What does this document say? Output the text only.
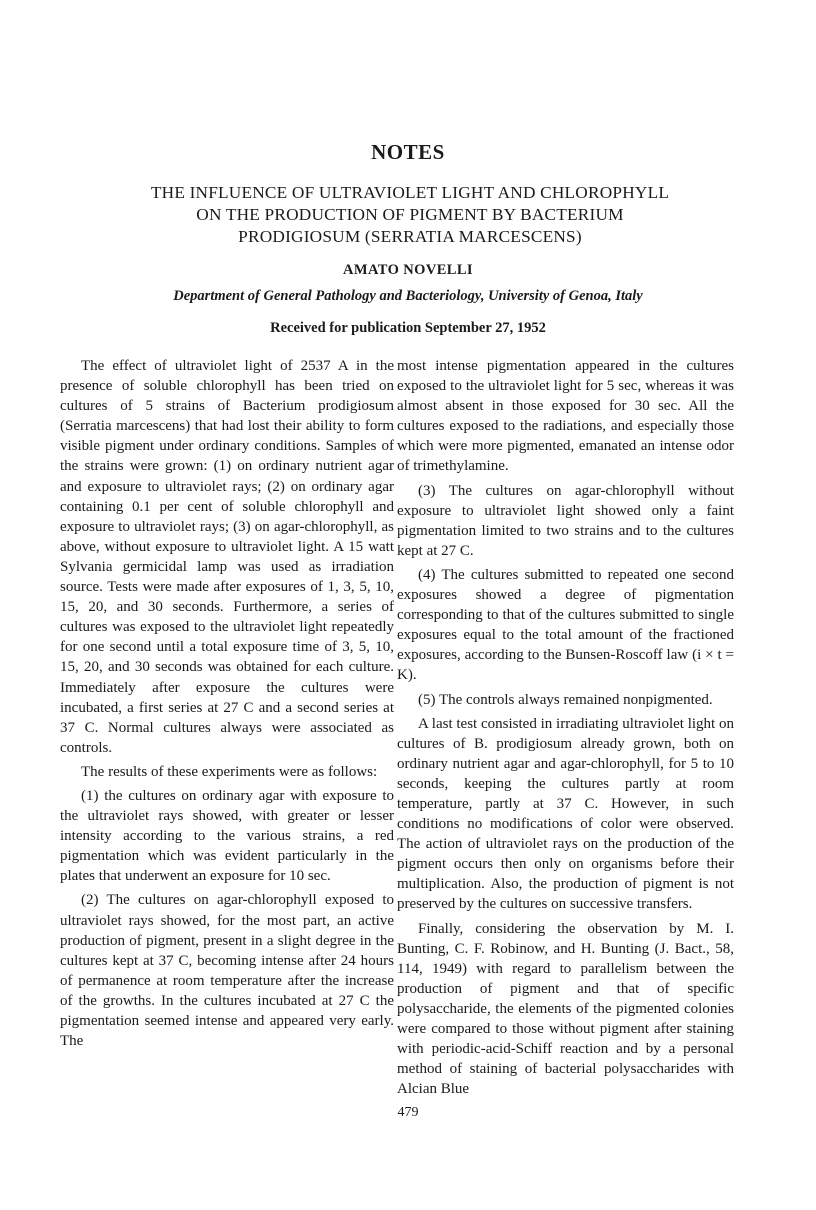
NOTES
THE INFLUENCE OF ULTRAVIOLET LIGHT AND CHLOROPHYLL
ON THE PRODUCTION OF PIGMENT BY BACTERIUM
PRODIGIOSUM (SERRATIA MARCESCENS)
AMATO NOVELLI
Department of General Pathology and Bacteriology, University of Genoa, Italy
Received for publication September 27, 1952

The effect of ultraviolet light of 2537 A in the presence of soluble chlorophyll has been tried on cultures of 5 strains of Bacterium prodigiosum (Serratia marcescens) that had lost their ability to form visible pigment under ordinary conditions. Samples of the strains were grown: (1) on ordinary nutrient agar and exposure to ultraviolet rays; (2) on ordinary agar containing 0.1 per cent of soluble chlorophyll and exposure to ultraviolet rays; (3) on agar-chlorophyll, as above, without exposure to ultraviolet light. A 15 watt Sylvania germicidal lamp was used as irradiation source. Tests were made after exposures of 1, 3, 5, 10, 15, 20, and 30 seconds. Furthermore, a series of cultures was exposed to the ultraviolet light repeatedly for one second until a total exposure time of 3, 5, 10, 15, 20, and 30 seconds was obtained for each culture. Immediately after exposure the cultures were incubated, a first series at 27 C and a second series at 37 C. Normal cultures always were associated as controls.

The results of these experiments were as follows:

(1) the cultures on ordinary agar with exposure to the ultraviolet rays showed, with greater or lesser intensity according to the various strains, a red pigmentation which was evident particularly in the plates that underwent an exposure for 10 sec.

(2) The cultures on agar-chlorophyll exposed to ultraviolet rays showed, for the most part, an active production of pigment, present in a slight degree in the cultures kept at 37 C, becoming intense after 24 hours of permanence at room temperature after the increase of the growths. In the cultures incubated at 27 C the pigmentation seemed intense and appeared very early. The

most intense pigmentation appeared in the cultures exposed to the ultraviolet light for 5 sec, whereas it was almost absent in those exposed for 30 sec. All the cultures exposed to the radiations, and especially those which were more pigmented, emanated an intense odor of trimethylamine.

(3) The cultures on agar-chlorophyll without exposure to ultraviolet light showed only a faint pigmentation limited to two strains and to the cultures kept at 27 C.

(4) The cultures submitted to repeated one second exposures showed a degree of pigmentation corresponding to that of the cultures submitted to single exposures equal to the total amount of the fractioned exposures, according to the Bunsen-Roscoff law (i × t = K).

(5) The controls always remained nonpigmented.

A last test consisted in irradiating ultraviolet light on cultures of B. prodigiosum already grown, both on ordinary nutrient agar and agar-chlorophyll, for 5 to 10 seconds, keeping the cultures partly at room temperature, partly at 37 C. However, in such conditions no modifications of color were observed. The action of ultraviolet rays on the production of the pigment occurs then only on organisms before their multiplication. Also, the production of pigment is not preserved by the cultures on successive transfers.

Finally, considering the observation by M. I. Bunting, C. F. Robinow, and H. Bunting (J. Bact., 58, 114, 1949) with regard to parallelism between the production of pigment and that of specific polysaccharide, the elements of the pigmented colonies were compared to those without pigment after staining with periodic-acid-Schiff reaction and by a personal method of staining of bacterial polysaccharides with Alcian Blue

479
